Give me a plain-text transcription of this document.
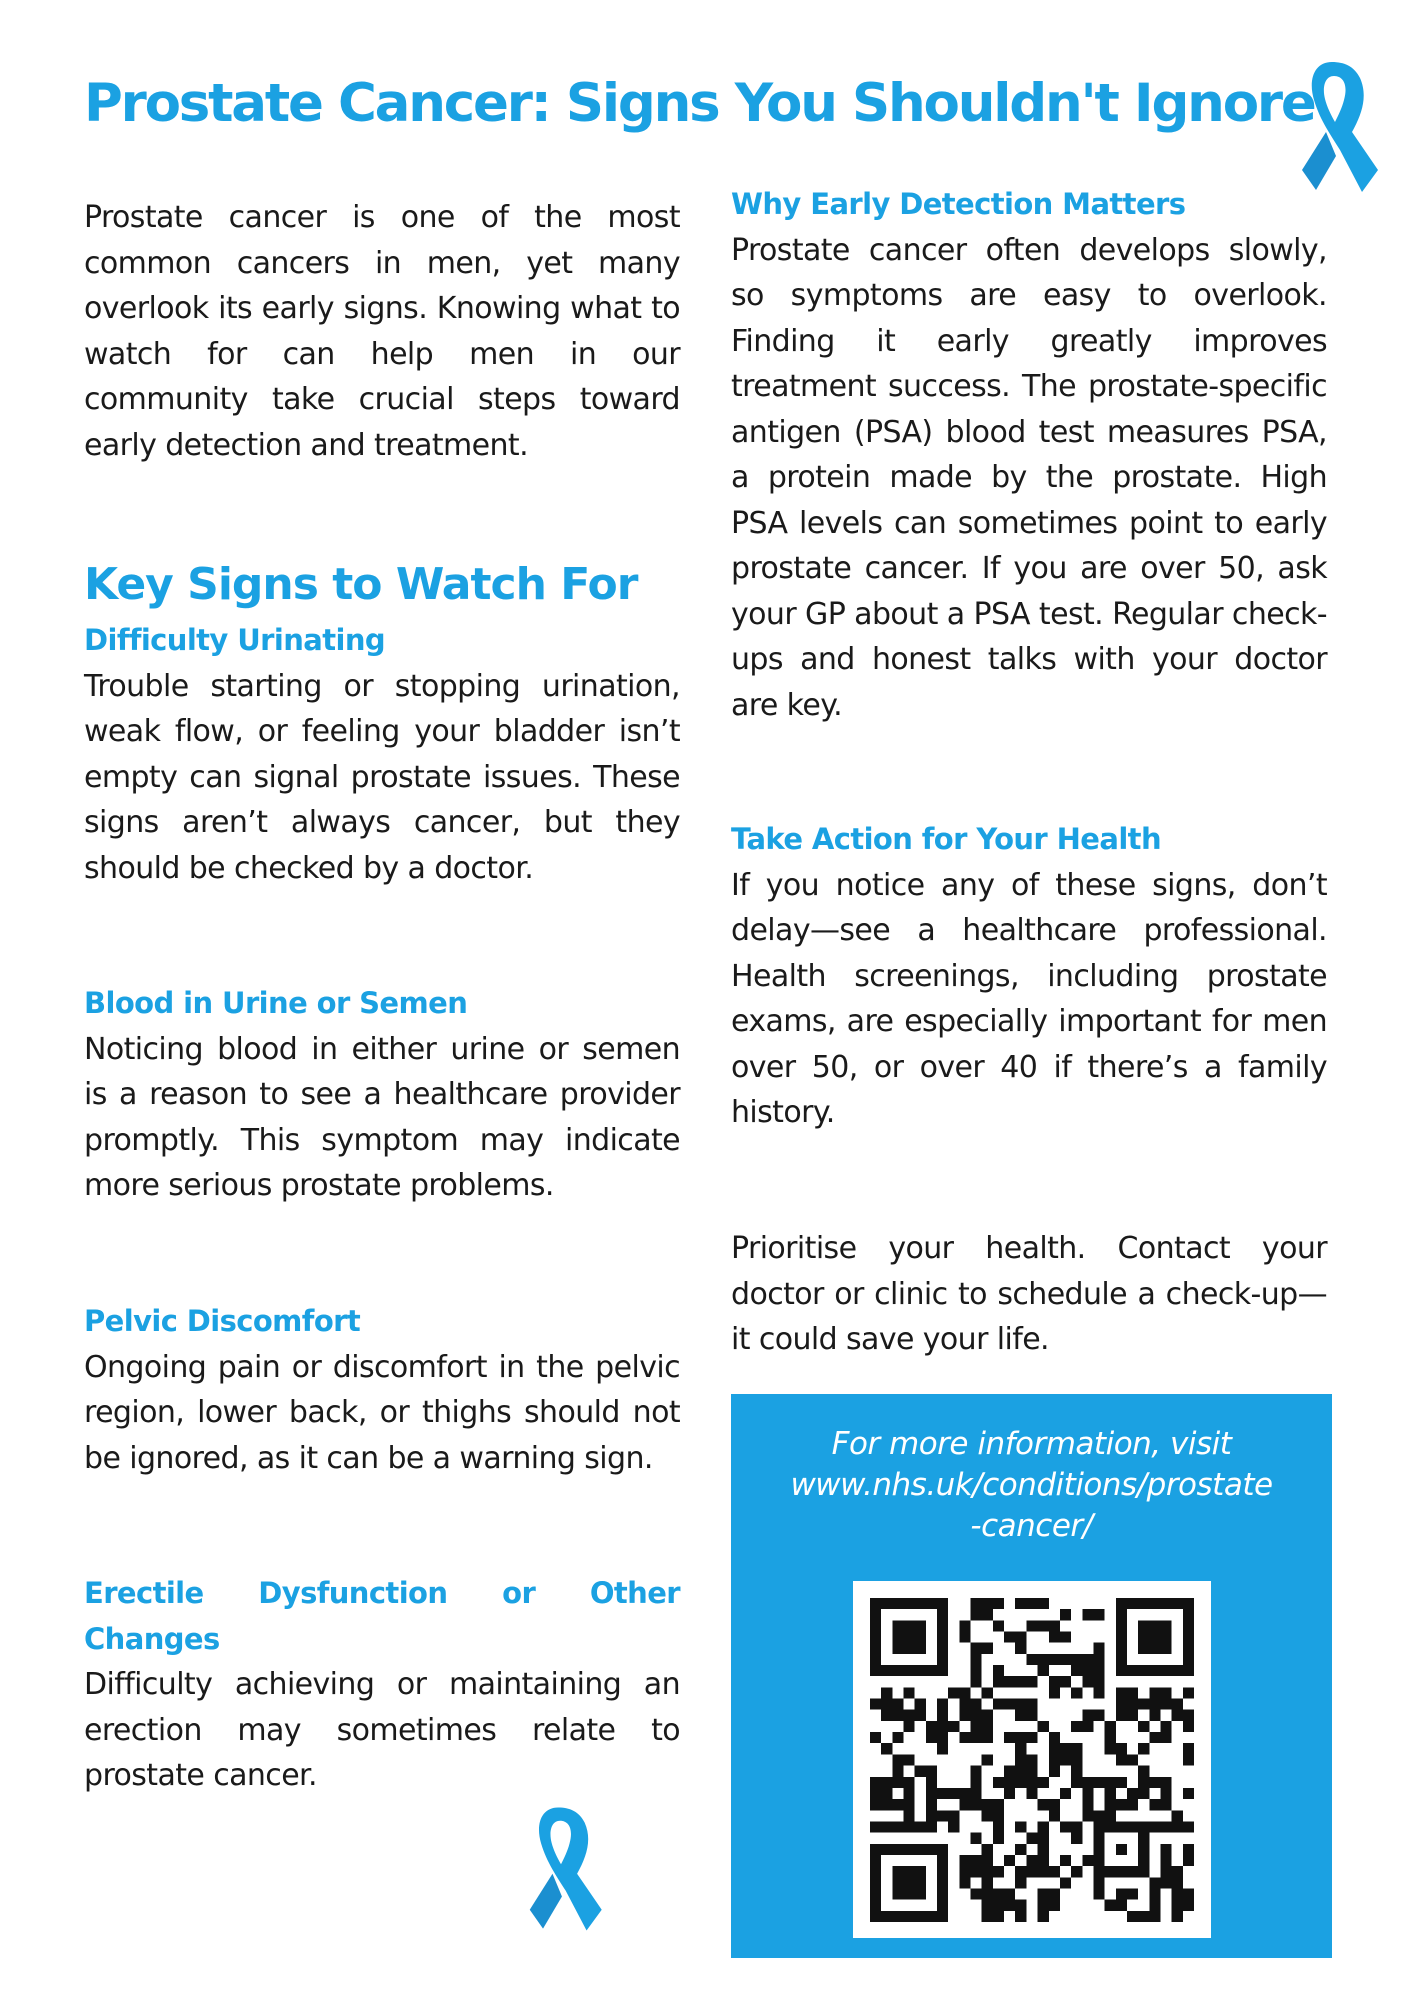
Prostate Cancer: Signs You Shouldn't Ignore

Prostate cancer is one of the most common cancers in men, yet many overlook its early signs. Knowing what to watch for can help men in our community take crucial steps toward early detection and treatment.

Key Signs to Watch For
Difficulty Urinating

Trouble starting or stopping urination, weak flow, or feeling your bladder isn’t empty can signal prostate issues. These signs aren’t always cancer, but they should be checked by a doctor.

Blood in Urine or Semen

Noticing blood in either urine or semen is a reason to see a healthcare provider promptly. This symptom may indicate more serious prostate problems.

Pelvic Discomfort

Ongoing pain or discomfort in the pelvic region, lower back, or thighs should not be ignored, as it can be a warning sign.

Erectile Dysfunction or Other Changes

Difficulty achieving or maintaining an erection may sometimes relate to prostate cancer.

Why Early Detection Matters

Prostate cancer often develops slowly, so symptoms are easy to overlook. Finding it early greatly improves treatment success. The prostate-specific antigen (PSA) blood test measures PSA, a protein made by the prostate. High PSA levels can sometimes point to early prostate cancer. If you are over 50, ask your GP about a PSA test. Regular check-ups and honest talks with your doctor are key.

Take Action for Your Health

If you notice any of these signs, don’t delay—see a healthcare professional. Health screenings, including prostate exams, are especially important for men over 50, or over 40 if there’s a family history.

Prioritise your health. Contact your doctor or clinic to schedule a check-up—it could save your life.

For more information, visit
www.nhs.uk/conditions/prostate
-cancer/
